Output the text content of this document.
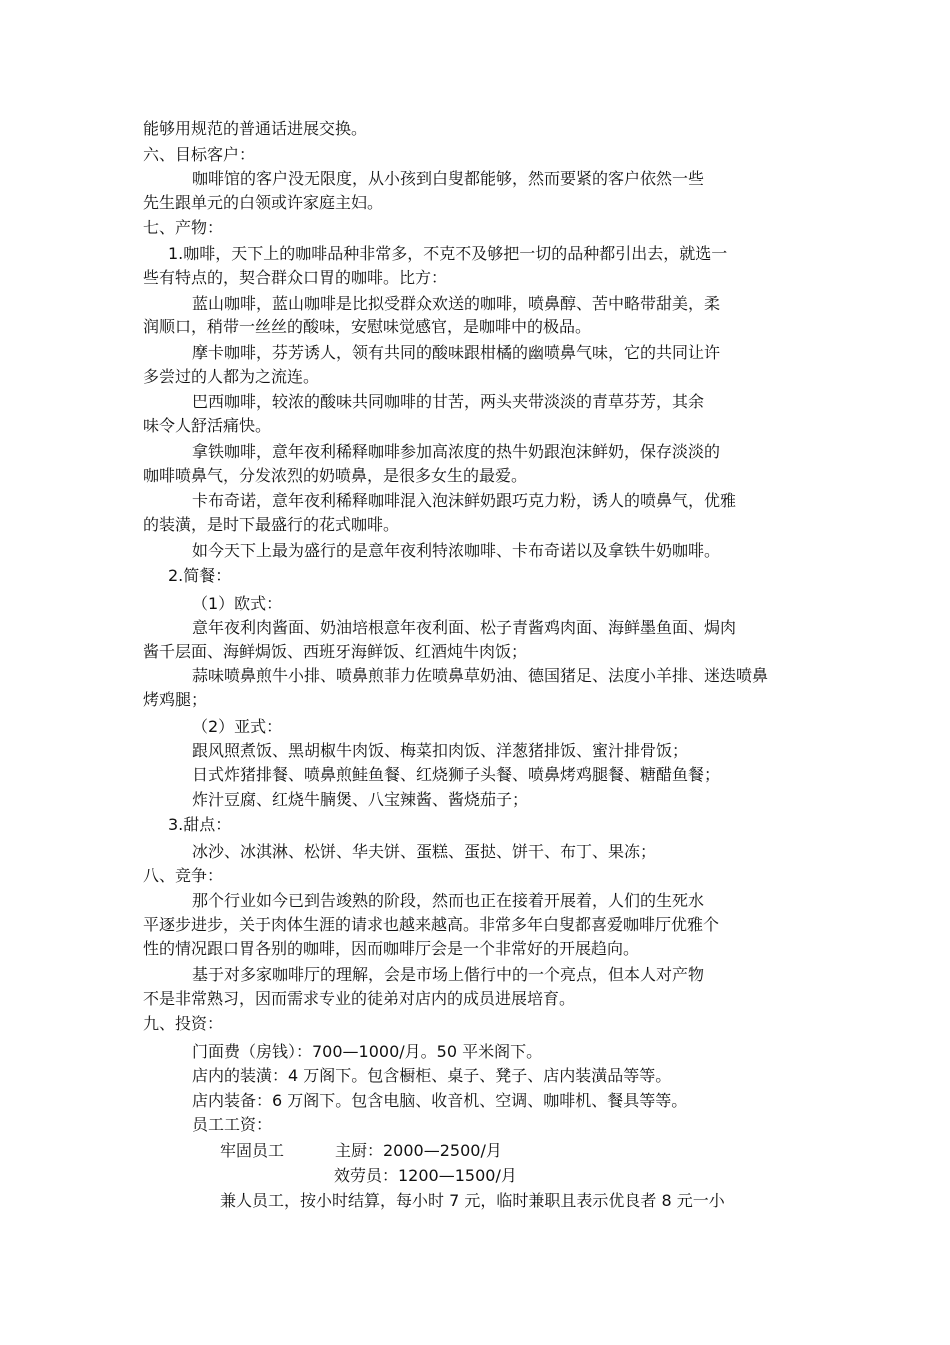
能够用规范的普通话进展交换。
六、目标客户：
咖啡馆的客户没无限度，从小孩到白叟都能够，然而要紧的客户依然一些
先生跟单元的白领或许家庭主妇。
七、产物：
1.咖啡，天下上的咖啡品种非常多，不克不及够把一切的品种都引出去，就选一
些有特点的，契合群众口胃的咖啡。比方：
蓝山咖啡，蓝山咖啡是比拟受群众欢送的咖啡，喷鼻醇、苦中略带甜美，柔
润顺口，稍带一丝丝的酸味，安慰味觉感官，是咖啡中的极品。
摩卡咖啡，芬芳诱人，领有共同的酸味跟柑橘的幽喷鼻气味，它的共同让许
多尝过的人都为之流连。
巴西咖啡，较浓的酸味共同咖啡的甘苦，两头夹带淡淡的青草芬芳，其余
味令人舒活痛快。
拿铁咖啡，意年夜利稀释咖啡参加高浓度的热牛奶跟泡沫鲜奶，保存淡淡的
咖啡喷鼻气，分发浓烈的奶喷鼻，是很多女生的最爱。
卡布奇诺，意年夜利稀释咖啡混入泡沫鲜奶跟巧克力粉，诱人的喷鼻气，优雅
的装潢，是时下最盛行的花式咖啡。
如今天下上最为盛行的是意年夜利特浓咖啡、卡布奇诺以及拿铁牛奶咖啡。
2.简餐：
（1）欧式：
意年夜利肉酱面、奶油培根意年夜利面、松子青酱鸡肉面、海鲜墨鱼面、焗肉
酱千层面、海鲜焗饭、西班牙海鲜饭、红酒炖牛肉饭；
蒜味喷鼻煎牛小排、喷鼻煎菲力佐喷鼻草奶油、德国猪足、法度小羊排、迷迭喷鼻
烤鸡腿；
（2）亚式：
跟风照煮饭、黑胡椒牛肉饭、梅菜扣肉饭、洋葱猪排饭、蜜汁排骨饭；
日式炸猪排餐、喷鼻煎鲑鱼餐、红烧狮子头餐、喷鼻烤鸡腿餐、糖醋鱼餐；
炸汁豆腐、红烧牛腩煲、八宝辣酱、酱烧茄子；
3.甜点：
冰沙、冰淇淋、松饼、华夫饼、蛋糕、蛋挞、饼干、布丁、果冻；
八、竞争：
那个行业如今已到告竣熟的阶段，然而也正在接着开展着，人们的生死水
平逐步进步，关于肉体生涯的请求也越来越高。非常多年白叟都喜爱咖啡厅优雅个
性的情况跟口胃各别的咖啡，因而咖啡厅会是一个非常好的开展趋向。
基于对多家咖啡厅的理解，会是市场上偕行中的一个亮点，但本人对产物
不是非常熟习，因而需求专业的徒弟对店内的成员进展培育。
九、投资：
门面费（房钱）：700—1000/月。50 平米阁下。
店内的装潢：4 万阁下。包含橱柜、桌子、凳子、店内装潢品等等。
店内装备：6 万阁下。包含电脑、收音机、空调、咖啡机、餐具等等。
员工工资：
牢固员工	主厨：2000—2500/月
效劳员：1200—1500/月
兼人员工，按小时结算，每小时 7 元，临时兼职且表示优良者 8 元一小
